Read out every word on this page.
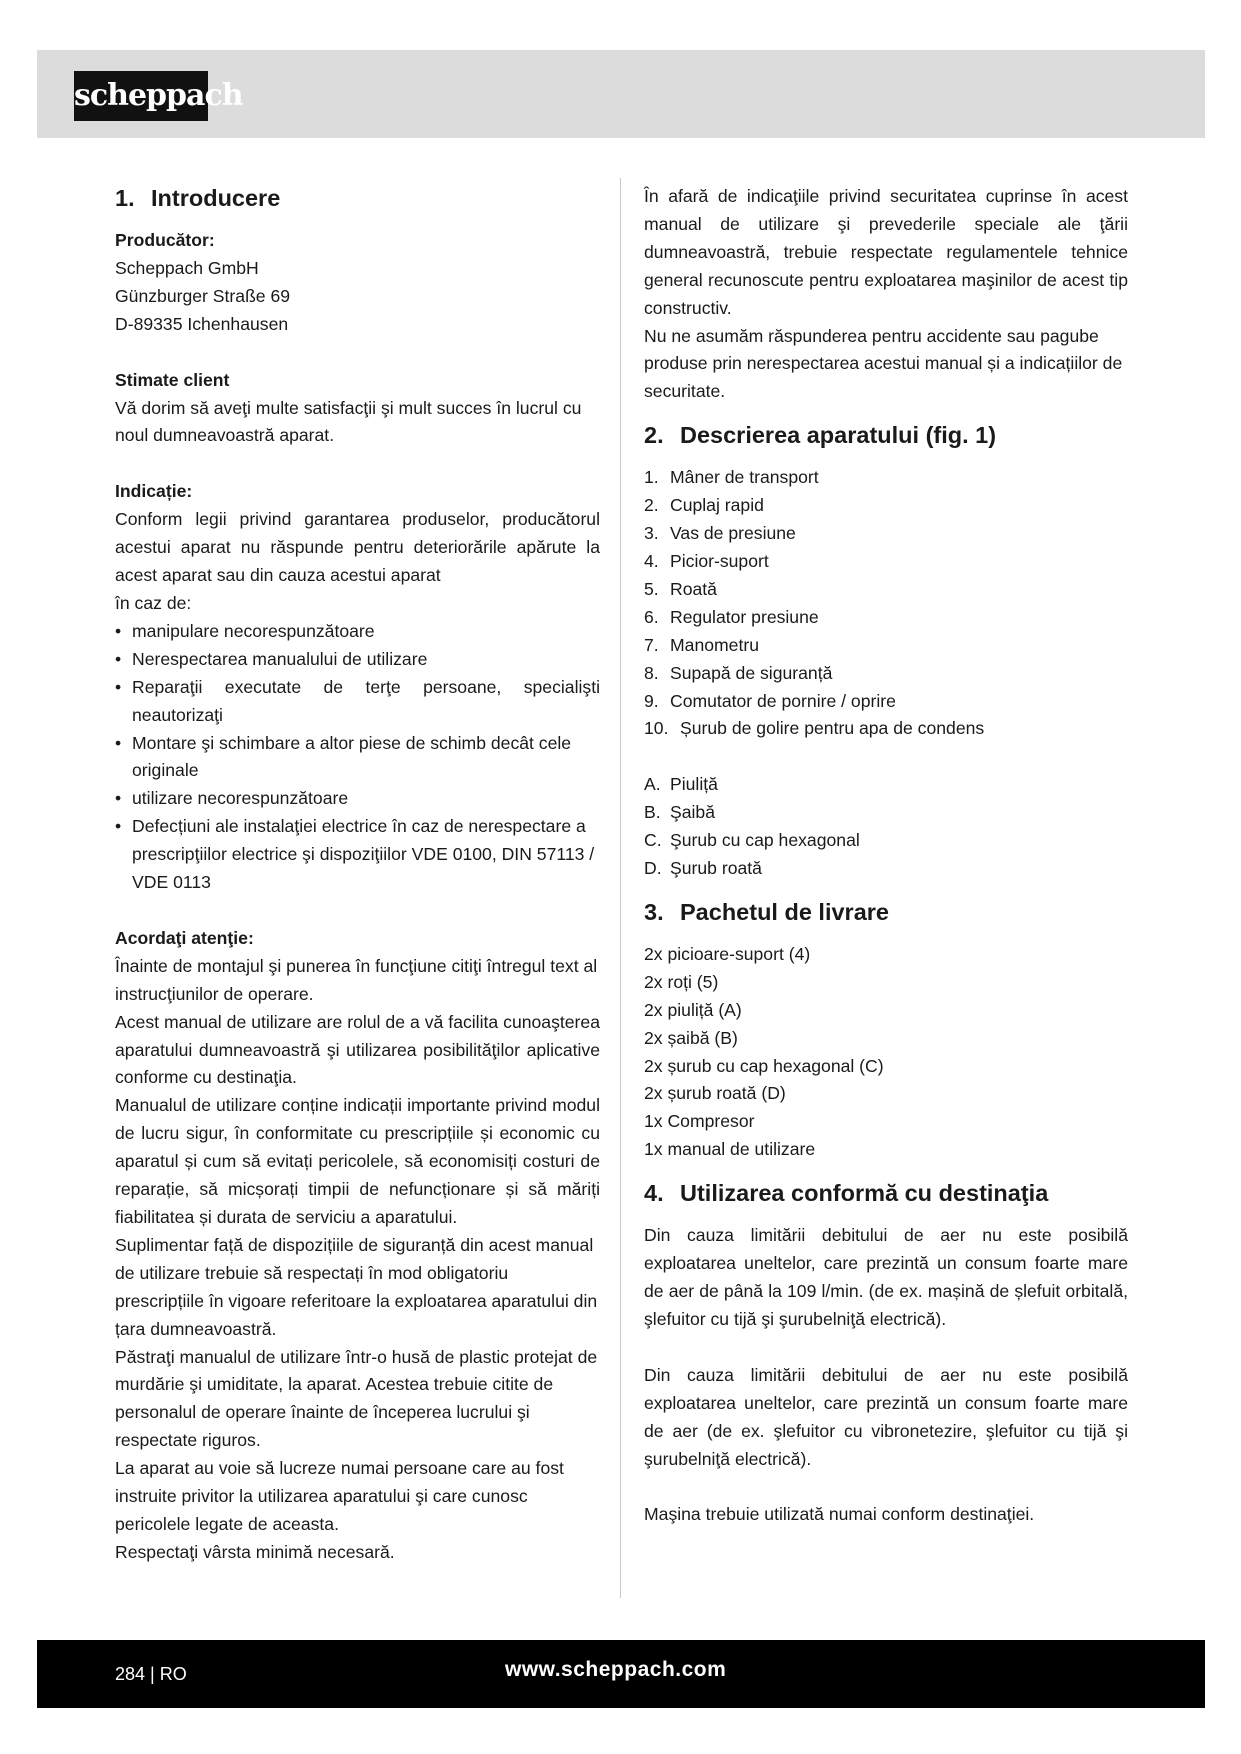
scheppach
1. Introducere

Producător:

Scheppach GmbH

Günzburger Straße 69

D-89335 Ichenhausen

Stimate client

Vă dorim să aveţi multe satisfacţii şi mult succes în lucrul cu noul dumneavoastră aparat.

Indicație:

Conform legii privind garantarea produselor, producătorul acestui aparat nu răspunde pentru deteriorările apărute la acest aparat sau din cauza acestui aparat

în caz de:

• manipulare necorespunzătoare
• Nerespectarea manualului de utilizare
• Reparaţii executate de terţe persoane, specialişti neautorizaţi
• Montare şi schimbare a altor piese de schimb decât cele originale
• utilizare necorespunzătoare
• Defecțiuni ale instalaţiei electrice în caz de nerespectare a prescripţiilor electrice şi dispoziţiilor VDE 0100, DIN 57113 / VDE 0113

Acordaţi atenţie:

Înainte de montajul şi punerea în funcţiune citiţi întregul text al instrucţiunilor de operare.

Acest manual de utilizare are rolul de a vă facilita cunoaşterea aparatului dumneavoastră şi utilizarea posibilităţilor aplicative conforme cu destinaţia.

Manualul de utilizare conține indicații importante privind modul de lucru sigur, în conformitate cu prescripțiile și economic cu aparatul și cum să evitați pericolele, să economisiți costuri de reparație, să micșorați timpii de nefuncționare și să măriți fiabilitatea și durata de serviciu a aparatului.

Suplimentar față de dispozițiile de siguranță din acest manual de utilizare trebuie să respectați în mod obligatoriu prescripțiile în vigoare referitoare la exploatarea aparatului din țara dumneavoastră.

Păstraţi manualul de utilizare într-o husă de plastic protejat de murdărie şi umiditate, la aparat. Acestea trebuie citite de personalul de operare înainte de începerea lucrului şi respectate riguros.

La aparat au voie să lucreze numai persoane care au fost instruite privitor la utilizarea aparatului şi care cunosc pericolele legate de aceasta.

Respectaţi vârsta minimă necesară.

În afară de indicaţiile privind securitatea cuprinse în acest manual de utilizare şi prevederile speciale ale ţării dumneavoastră, trebuie respectate regulamentele tehnice general recunoscute pentru exploatarea maşinilor de acest tip constructiv.

Nu ne asumăm răspunderea pentru accidente sau pagube produse prin nerespectarea acestui manual și a indicațiilor de securitate.

2. Descrierea aparatului (fig. 1)
1. Mâner de transport
2. Cuplaj rapid
3. Vas de presiune
4. Picior-suport
5. Roată
6. Regulator presiune
7. Manometru
8. Supapă de siguranță
9. Comutator de pornire / oprire
10. Șurub de golire pentru apa de condens
A. Piuliță
B. Şaibă
C. Şurub cu cap hexagonal
D. Şurub roată
3. Pachetul de livrare

2x picioare-suport (4)

2x roți (5)

2x piuliță (A)

2x șaibă (B)

2x șurub cu cap hexagonal (C)

2x șurub roată (D)

1x Compresor

1x manual de utilizare

4. Utilizarea conformă cu destinaţia

Din cauza limitării debitului de aer nu este posibilă exploatarea uneltelor, care prezintă un consum foarte mare de aer de până la 109 l/min. (de ex. mașină de șlefuit orbitală, şlefuitor cu tijă şi şurubelniţă electrică).

Din cauza limitării debitului de aer nu este posibilă exploatarea uneltelor, care prezintă un consum foarte mare de aer (de ex. şlefuitor cu vibronetezire, şlefuitor cu tijă şi şurubelniţă electrică).

Maşina trebuie utilizată numai conform destinaţiei.

284 | RO	www.scheppach.com
